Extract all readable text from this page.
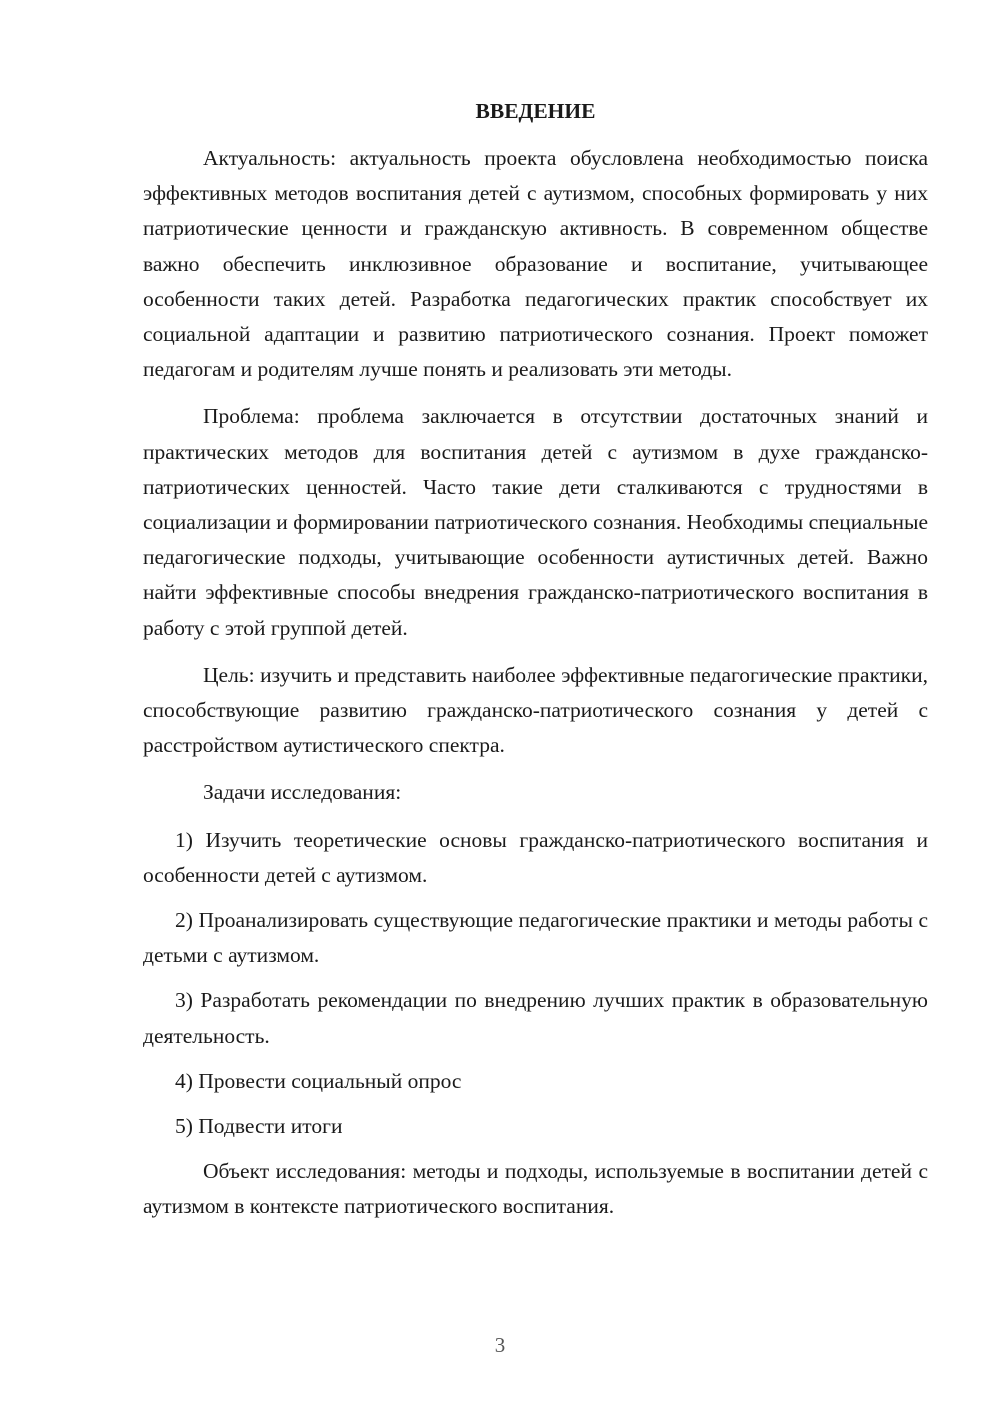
ВВЕДЕНИЕ

Актуальность: актуальность проекта обусловлена необходимостью поиска эффективных методов воспитания детей с аутизмом, способных формировать у них патриотические ценности и гражданскую активность. В современном обществе важно обеспечить инклюзивное образование и воспитание, учитывающее особенности таких детей. Разработка педагогических практик способствует их социальной адаптации и развитию патриотического сознания. Проект поможет педагогам и родителям лучше понять и реализовать эти методы.

Проблема: проблема заключается в отсутствии достаточных знаний и практических методов для воспитания детей с аутизмом в духе гражданско-патриотических ценностей. Часто такие дети сталкиваются с трудностями в социализации и формировании патриотического сознания. Необходимы специальные педагогические подходы, учитывающие особенности аутистичных детей. Важно найти эффективные способы внедрения гражданско-патриотического воспитания в работу с этой группой детей.

Цель: изучить и представить наиболее эффективные педагогические практики, способствующие развитию гражданско-патриотического сознания у детей с расстройством аутистического спектра.

Задачи исследования:

1) Изучить теоретические основы гражданско-патриотического воспитания и особенности детей с аутизмом.

2) Проанализировать существующие педагогические практики и методы работы с детьми с аутизмом.

3) Разработать рекомендации по внедрению лучших практик в образовательную деятельность.

4) Провести социальный опрос

5) Подвести итоги

Объект исследования: методы и подходы, используемые в воспитании детей с аутизмом в контексте патриотического воспитания.

3
